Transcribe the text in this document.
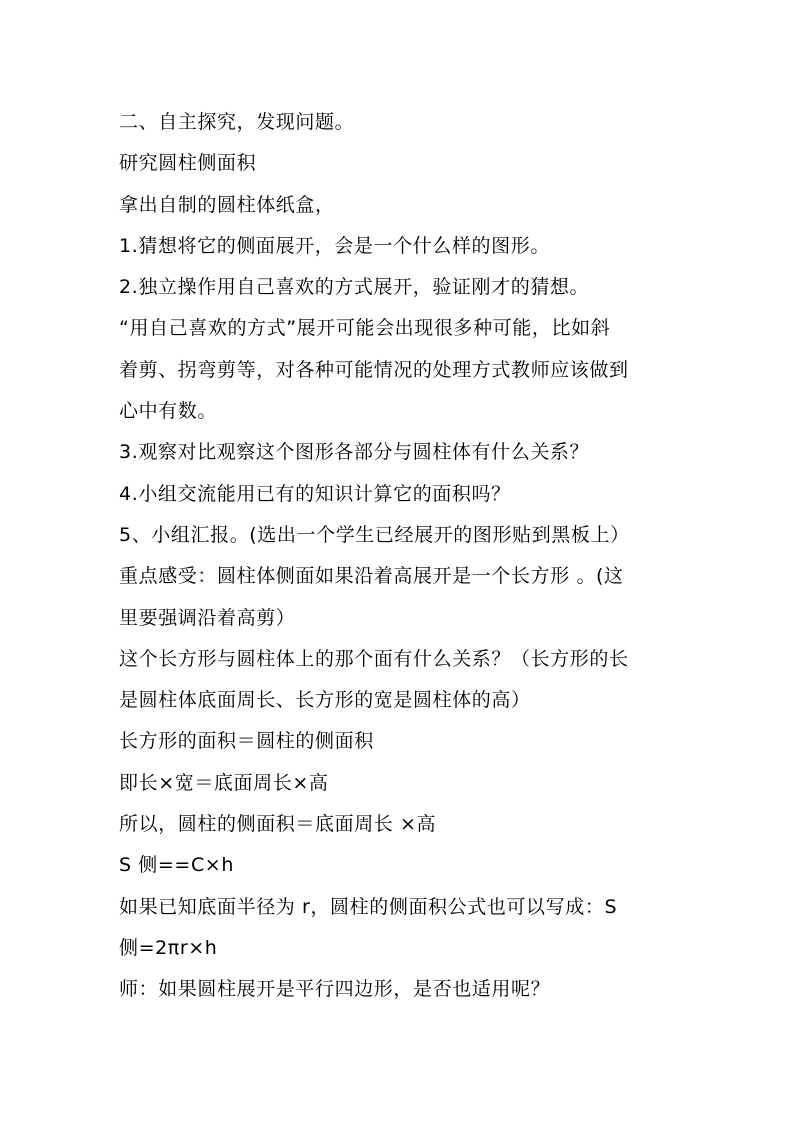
二、自主探究，发现问题。
研究圆柱侧面积
拿出自制的圆柱体纸盒，
1.猜想将它的侧面展开，会是一个什么样的图形。
2.独立操作用自己喜欢的方式展开，验证刚才的猜想。
“用自己喜欢的方式”展开可能会出现很多种可能，比如斜
着剪、拐弯剪等，对各种可能情况的处理方式教师应该做到
心中有数。
3.观察对比观察这个图形各部分与圆柱体有什么关系？
4.小组交流能用已有的知识计算它的面积吗？
5、小组汇报。(选出一个学生已经展开的图形贴到黑板上）
重点感受：圆柱体侧面如果沿着高展开是一个长方形 。(这
里要强调沿着高剪）
这个长方形与圆柱体上的那个面有什么关系？（长方形的长
是圆柱体底面周长、长方形的宽是圆柱体的高）
长方形的面积＝圆柱的侧面积
即长×宽＝底面周长×高
所以，圆柱的侧面积＝底面周长 ×高
S 侧==C×h
如果已知底面半径为 r，圆柱的侧面积公式也可以写成：S
侧=2πr×h
师：如果圆柱展开是平行四边形，是否也适用呢？
